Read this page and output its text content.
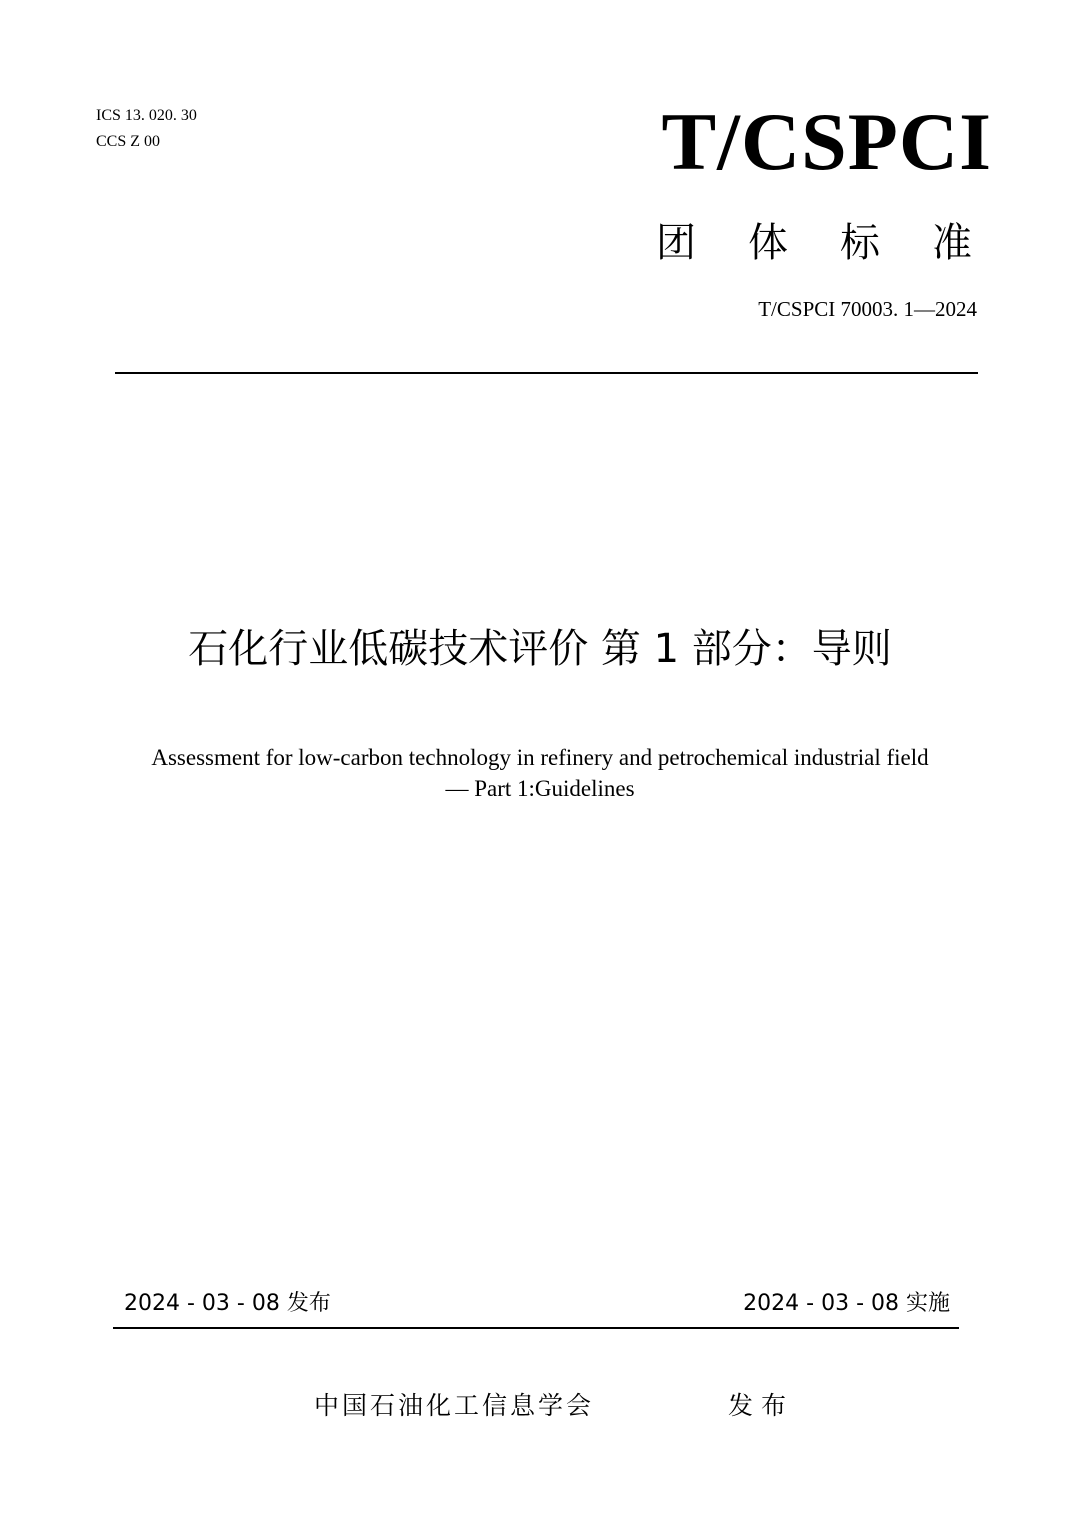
ICS 13. 020. 30
CCS Z 00	T/CSPCI
团体标准
T/CSPCI 70003. 1—2024
石化行业低碳技术评价 第 1 部分：导则
Assessment for low-carbon technology in refinery and petrochemical industrial field
— Part 1:Guidelines
2024 - 03 - 08 发布	2024 - 03 - 08 实施
中国石油化工信息学会	发布
